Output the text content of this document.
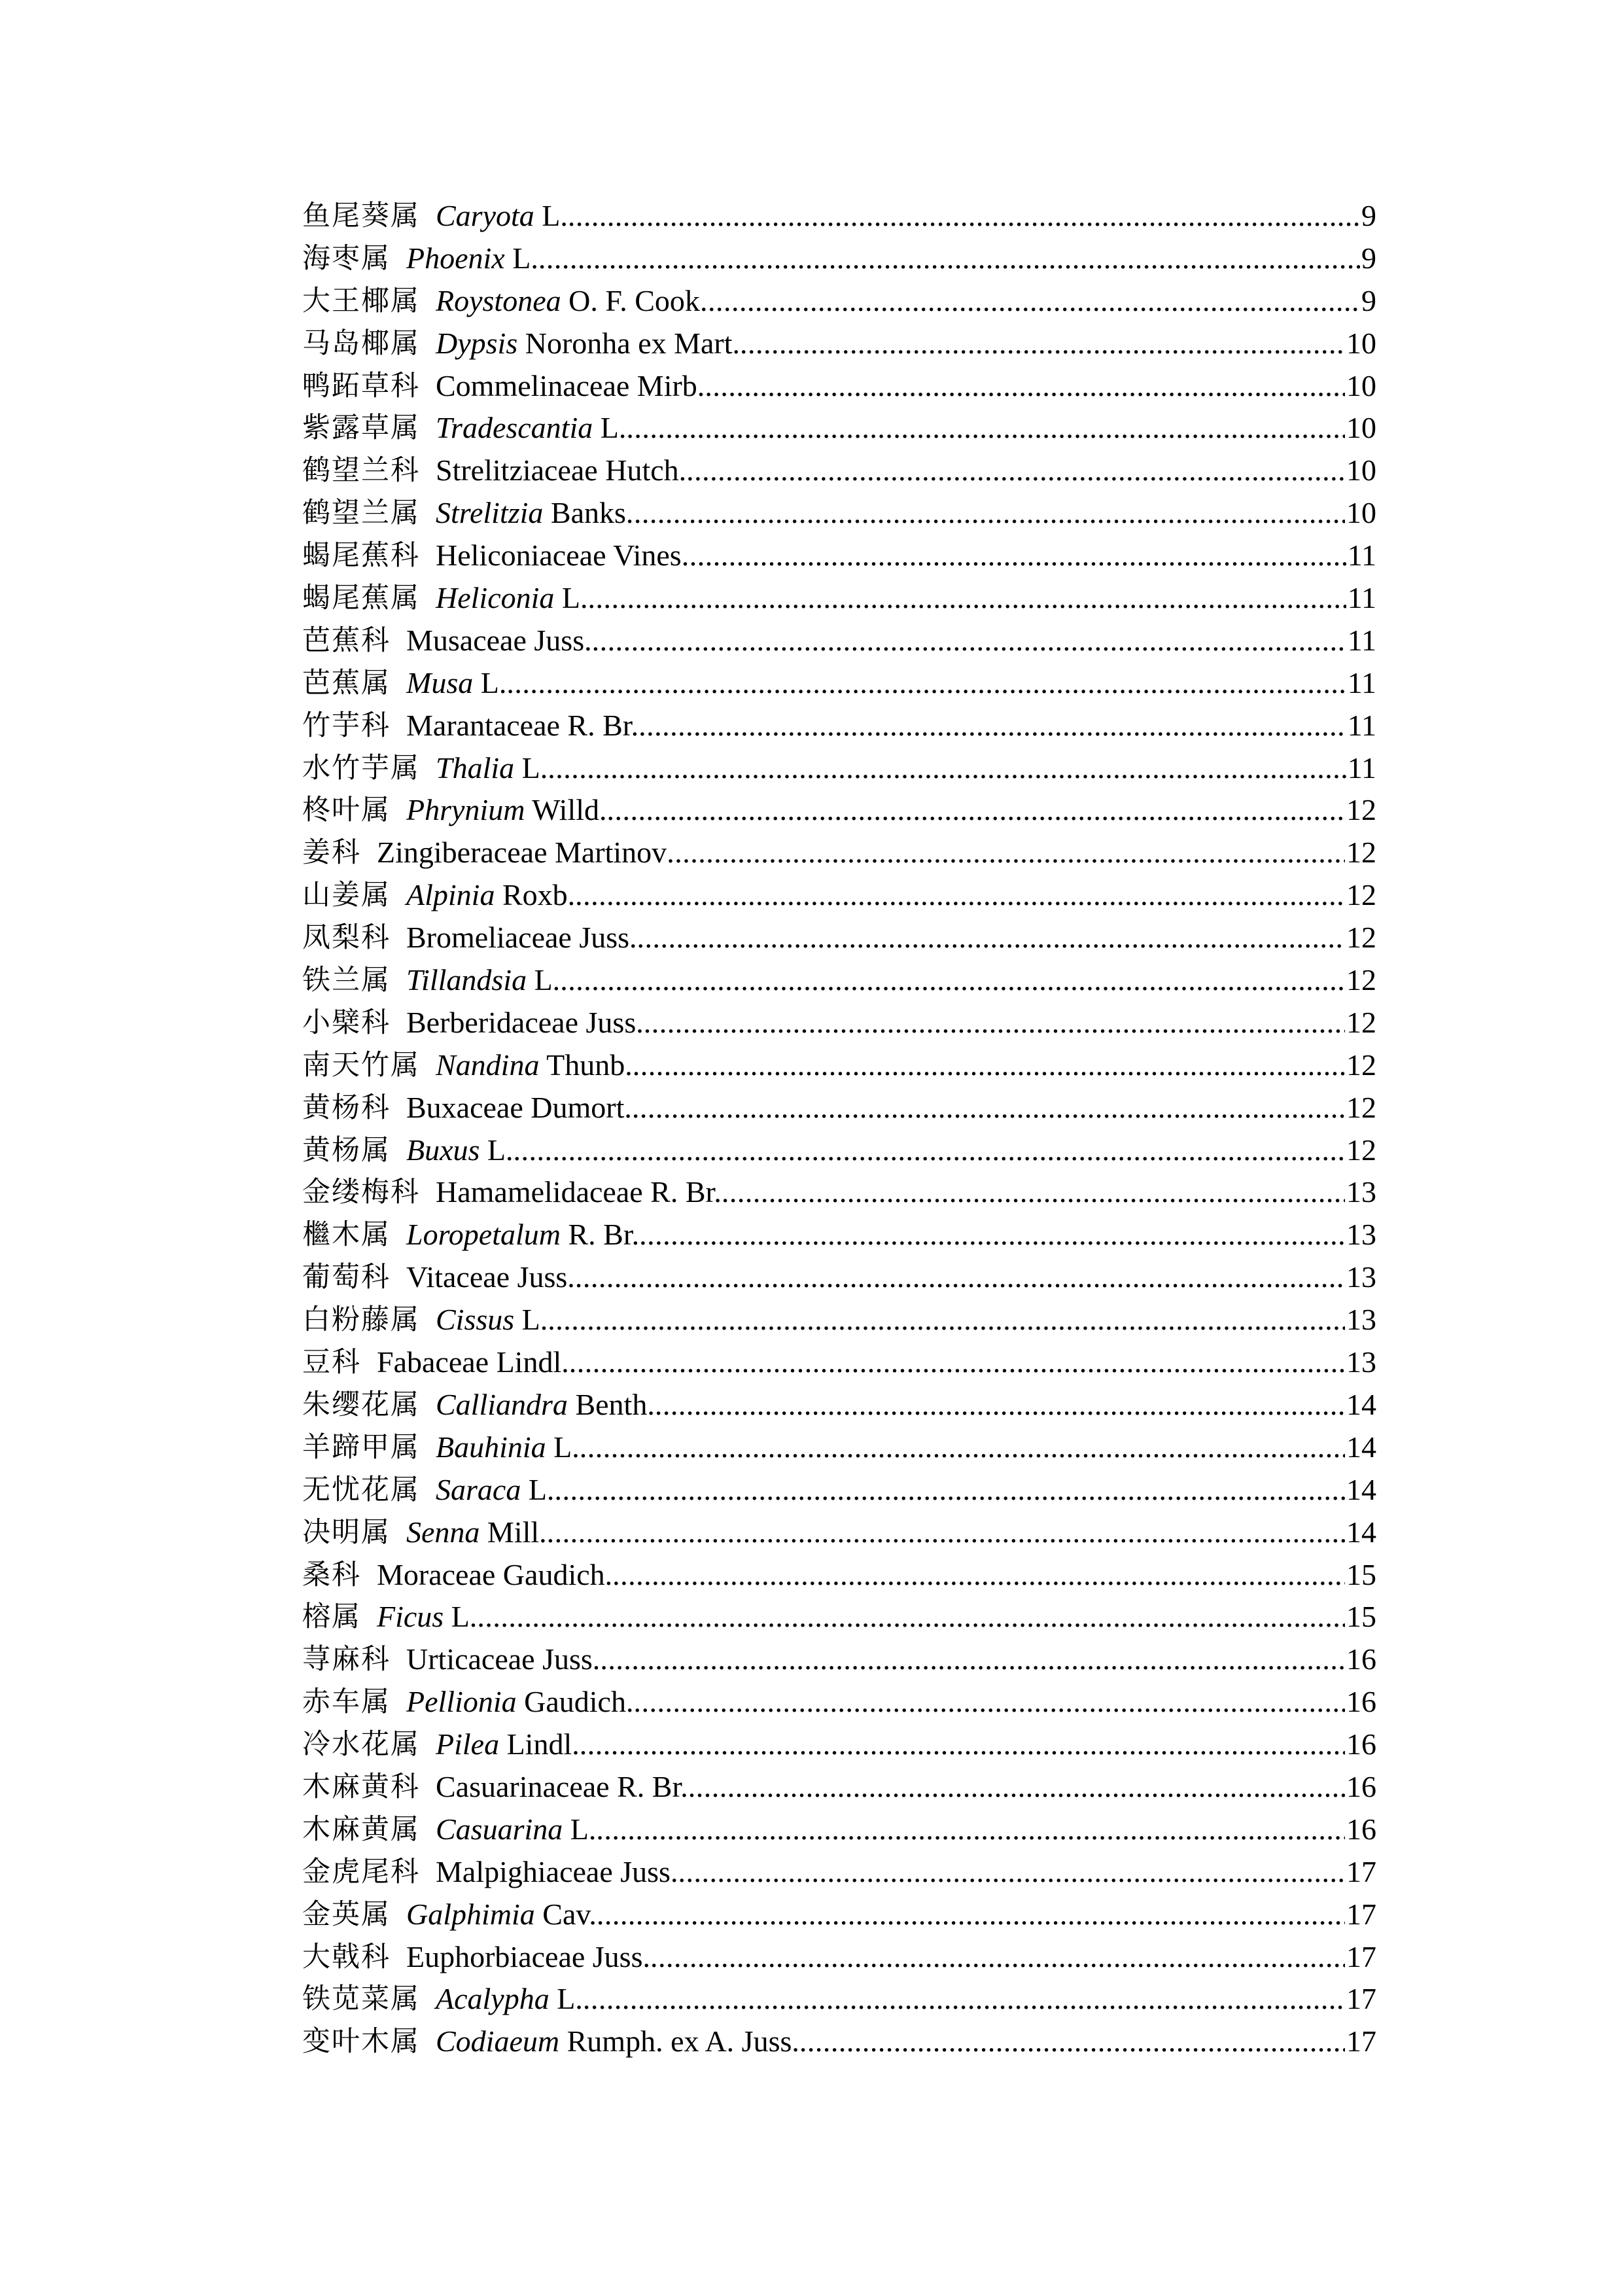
鱼尾葵属 Caryota L. .....	9
海枣属 Phoenix L. .....	9
大王椰属 Roystonea O. F. Cook .....	9
马岛椰属 Dypsis Noronha ex Mart. .....	10
鸭跖草科 Commelinaceae Mirb. .....	10
紫露草属 Tradescantia L. .....	10
鹤望兰科 Strelitziaceae Hutch. .....	10
鹤望兰属 Strelitzia Banks .....	10
蝎尾蕉科 Heliconiaceae Vines .....	11
蝎尾蕉属 Heliconia L. .....	11
芭蕉科 Musaceae Juss. .....	11
芭蕉属 Musa L. .....	11
竹芋科 Marantaceae R. Br. .....	11
水竹芋属 Thalia L. .....	11
柊叶属 Phrynium Willd. .....	12
姜科 Zingiberaceae Martinov .....	12
山姜属 Alpinia Roxb. .....	12
凤梨科 Bromeliaceae Juss. .....	12
铁兰属 Tillandsia L. .....	12
小檗科 Berberidaceae Juss. .....	12
南天竹属 Nandina Thunb. .....	12
黄杨科 Buxaceae Dumort. .....	12
黄杨属 Buxus L. .....	12
金缕梅科 Hamamelidaceae R. Br. .....	13
檵木属 Loropetalum R. Br. .....	13
葡萄科 Vitaceae Juss. .....	13
白粉藤属 Cissus L. .....	13
豆科 Fabaceae Lindl. .....	13
朱缨花属 Calliandra Benth. .....	14
羊蹄甲属 Bauhinia L. .....	14
无忧花属 Saraca L. .....	14
决明属 Senna Mill. .....	14
桑科 Moraceae Gaudich. .....	15
榕属 Ficus L. .....	15
荨麻科 Urticaceae Juss. .....	16
赤车属 Pellionia Gaudich. .....	16
冷水花属 Pilea Lindl. .....	16
木麻黄科 Casuarinaceae R. Br. .....	16
木麻黄属 Casuarina L. .....	16
金虎尾科 Malpighiaceae Juss. .....	17
金英属 Galphimia Cav. .....	17
大戟科 Euphorbiaceae Juss. .....	17
铁苋菜属 Acalypha L. .....	17
变叶木属 Codiaeum Rumph. ex A. Juss. .....	17
